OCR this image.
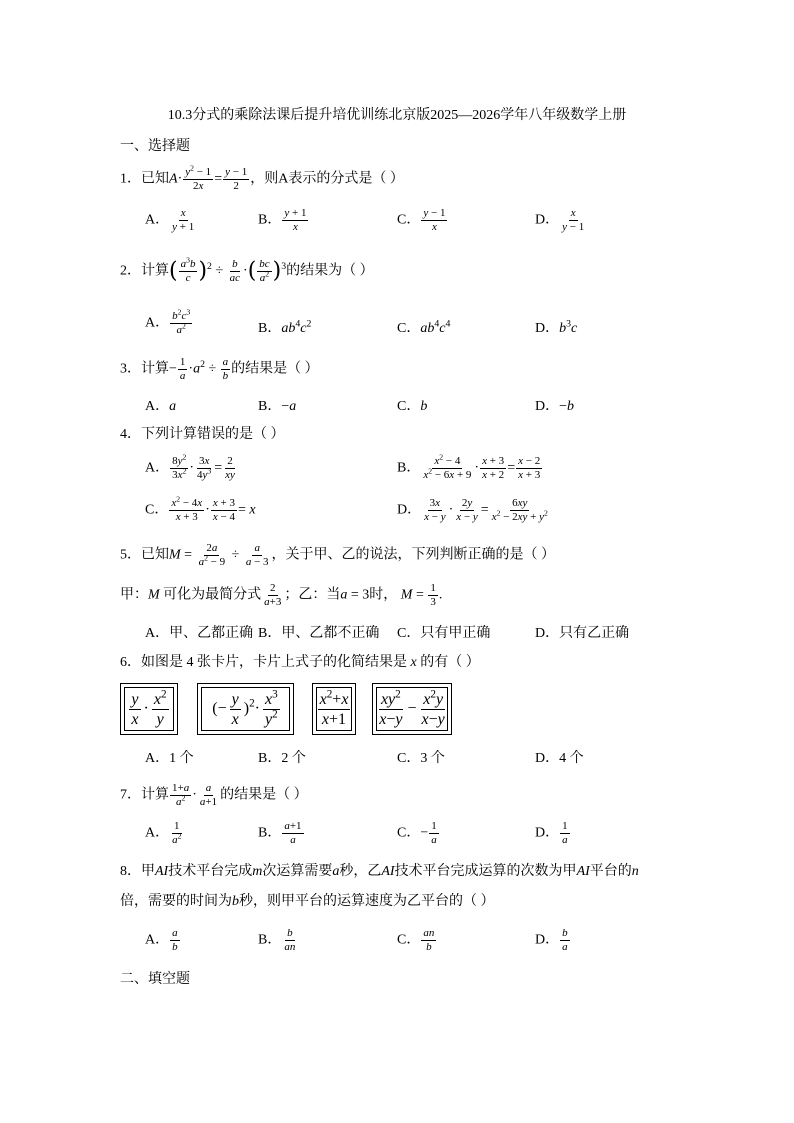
10.3分式的乘除法课后提升培优训练北京版2025—2026学年八年级数学上册
一、选择题
1．已知$A\cdot \frac{y^2 - 1}{2x} = \frac{y - 1}{2}$ ，则A表示的分式是（ ）
A． $\frac{x}{y + 1}$	B． $\frac{y + 1}{x}$	C． $\frac{y - 1}{x}$	D． $\frac{x}{y - 1}$
2．计算( $\frac{a^3b}{c} )^2 \div \frac{b}{ac}$ ·( $\frac{bc}{a^2} )^3$的结果为（ ）
A． $\frac{b^2c^3}{a^2}$	B．$ab^4c^2$	C．$ab^4c^4$	D．$b^3c$
3．计算− $\frac{1}{a} \cdot a^2 \div \frac{a}{b}$ 的结果是（ ）
A．a	B．−a	C．b	D．−b
4．下列计算错误的是（ ）
A． $\frac{8y^2}{3x^2} \cdot \frac{3x}{4y^3} = \frac{2}{xy}$	B． $\frac{x^2 - 4}{x^2 - 6x + 9} \cdot \frac{x + 3}{x + 2} = \frac{x - 2}{x + 3}$
C． $\frac{x^2 - 4x}{x + 3} \cdot \frac{x + 3}{x - 4} = x$	D． $\frac{3x}{x - y} \cdot \frac{2y}{x - y} = \frac{6xy}{x^2 - 2xy + y^2}$
5．已知$M = \frac{2a}{a^2 - 9} \div \frac{a}{a - 3}$ ，关于甲、乙的说法，下列判断正确的是（ ）
甲：M 可化为最简分式 $\frac{2}{a+3}$ ；乙：当a = 3时， $M = \frac{1}{3}$ .
A．甲、乙都正确 B．甲、乙都不正确 C．只有甲正确	D．只有乙正确
6．如图是 4 张卡片，卡片上式子的化简结果是 x 的有（ ）
$\frac{y}{x} \cdot \frac{x^2}{y}$	(− $\frac{y}{x} )^2\cdot \frac{x^3}{y^2} \frac{x^2+x}{x+1} \frac{xy^2}{x-y} - \frac{x^2y}{x-y}$
A．1 个	B．2 个	C．3 个	D．4 个
7．计算 $\frac{1+a}{a^2} \cdot \frac{a}{a+1}$ 的结果是（ ）
A． $\frac{1}{a^2}$	B． $\frac{a+1}{a}$	C．− $\frac{1}{a}$	D． $\frac{1}{a}$
8．甲AI技术平台完成m次运算需要a秒，乙AI技术平台完成运算的次数为甲AI平台的n
倍，需要的时间为b秒，则甲平台的运算速度为乙平台的（ ）
A． $\frac{a}{b}$	B． $\frac{b}{an}$	C． $\frac{an}{b}$	D． $\frac{b}{a}$
二、填空题
